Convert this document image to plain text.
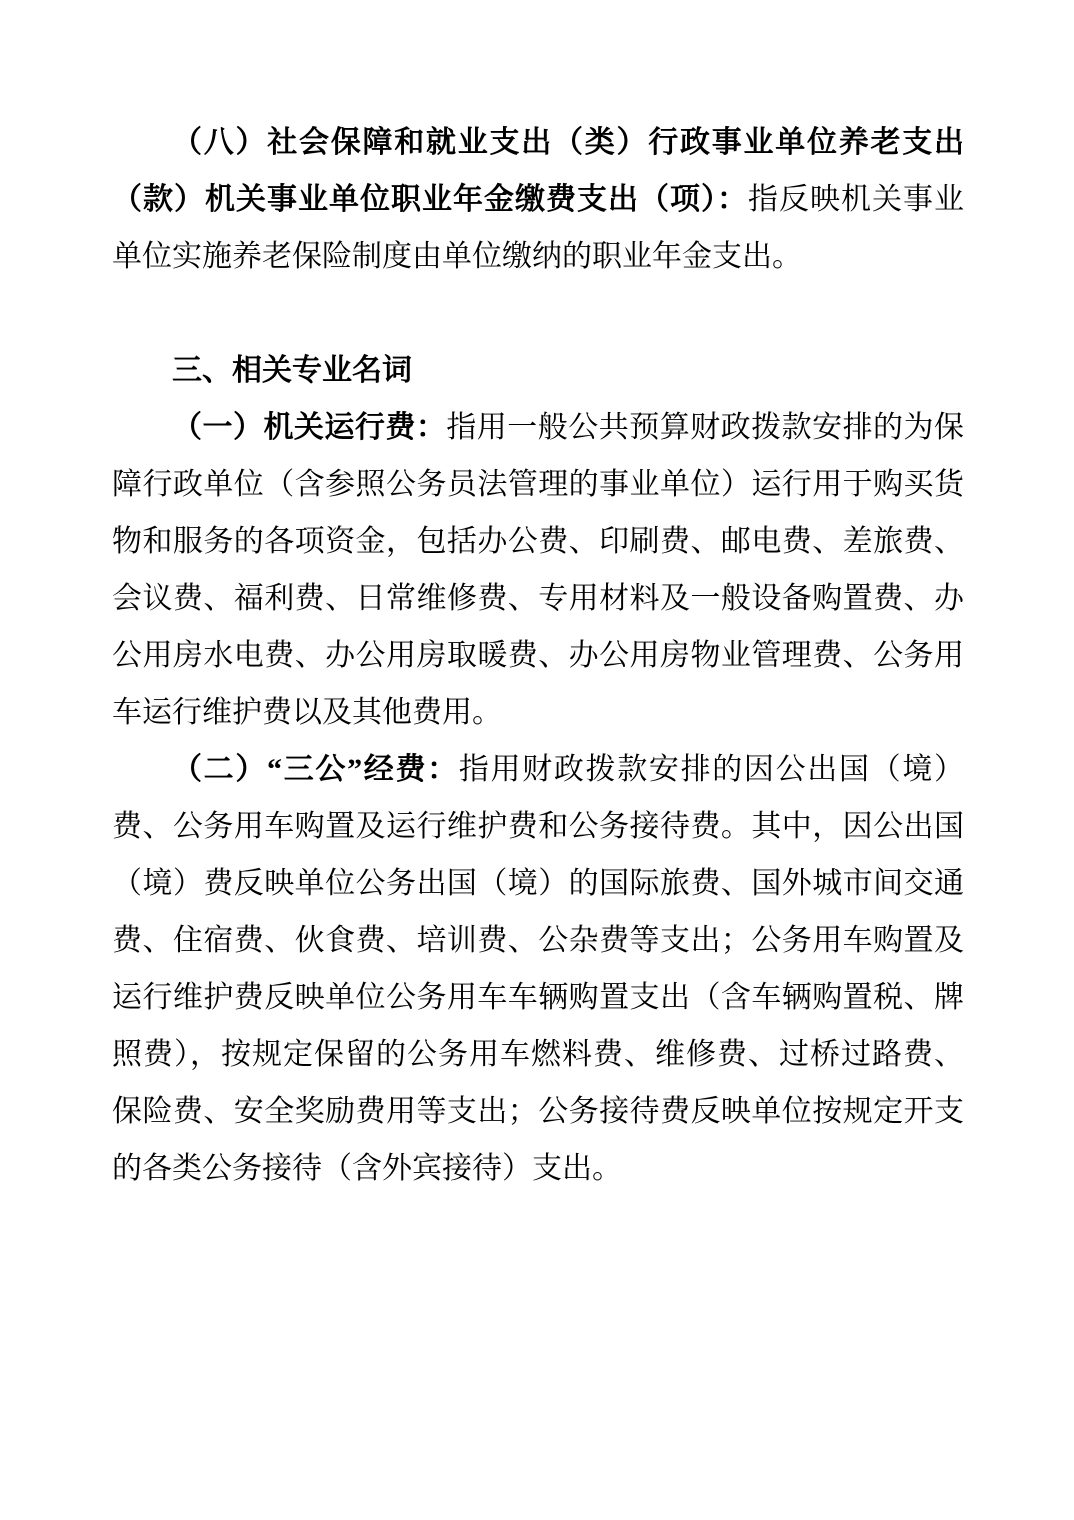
（八）社会保障和就业支出（类）行政事业单位养老支出（款）机关事业单位职业年金缴费支出（项）：指反映机关事业单位实施养老保险制度由单位缴纳的职业年金支出。

三、相关专业名词

（一）机关运行费：指用一般公共预算财政拨款安排的为保障行政单位（含参照公务员法管理的事业单位）运行用于购买货物和服务的各项资金，包括办公费、印刷费、邮电费、差旅费、会议费、福利费、日常维修费、专用材料及一般设备购置费、办公用房水电费、办公用房取暖费、办公用房物业管理费、公务用车运行维护费以及其他费用。

（二）“三公”经费：指用财政拨款安排的因公出国（境）费、公务用车购置及运行维护费和公务接待费。其中，因公出国（境）费反映单位公务出国（境）的国际旅费、国外城市间交通费、住宿费、伙食费、培训费、公杂费等支出；公务用车购置及运行维护费反映单位公务用车车辆购置支出（含车辆购置税、牌照费），按规定保留的公务用车燃料费、维修费、过桥过路费、保险费、安全奖励费用等支出；公务接待费反映单位按规定开支的各类公务接待（含外宾接待）支出。
